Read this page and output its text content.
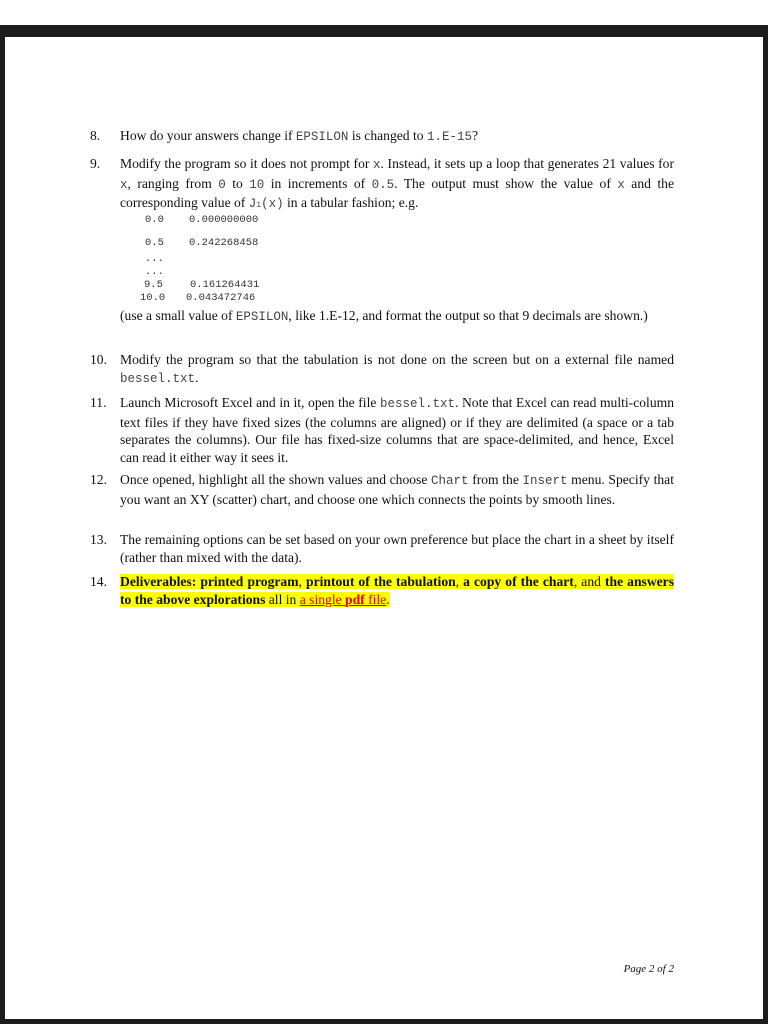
8.	How do your answers change if EPSILON is changed to 1.E-15?
9.	Modify the program so it does not prompt for x. Instead, it sets up a loop that generates 21 values for x, ranging from 0 to 10 in increments of 0.5. The output must show the value of x and the corresponding value of J1(x) in a tabular fashion; e.g.
0.0 0.000000000
0.5 0.242268458
...
...
9.5	0.161264431
10.0 0.043472746
(use a small value of EPSILON, like 1.E-12, and format the output so that 9 decimals are shown.)
10. Modify the program so that the tabulation is not done on the screen but on a external file named bessel.txt.
11. Launch Microsoft Excel and in it, open the file bessel.txt. Note that Excel can read multi-column text files if they have fixed sizes (the columns are aligned) or if they are delimited (a space or a tab separates the columns). Our file has fixed-size columns that are space-delimited, and hence, Excel can read it either way it sees it.
12. Once opened, highlight all the shown values and choose Chart from the Insert menu. Specify that you want an XY (scatter) chart, and choose one which connects the points by smooth lines.
13. The remaining options can be set based on your own preference but place the chart in a sheet by itself (rather than mixed with the data).
14. Deliverables: printed program, printout of the tabulation, a copy of the chart, and the answers to the above explorations all in a single pdf file.
Page 2 of 2
